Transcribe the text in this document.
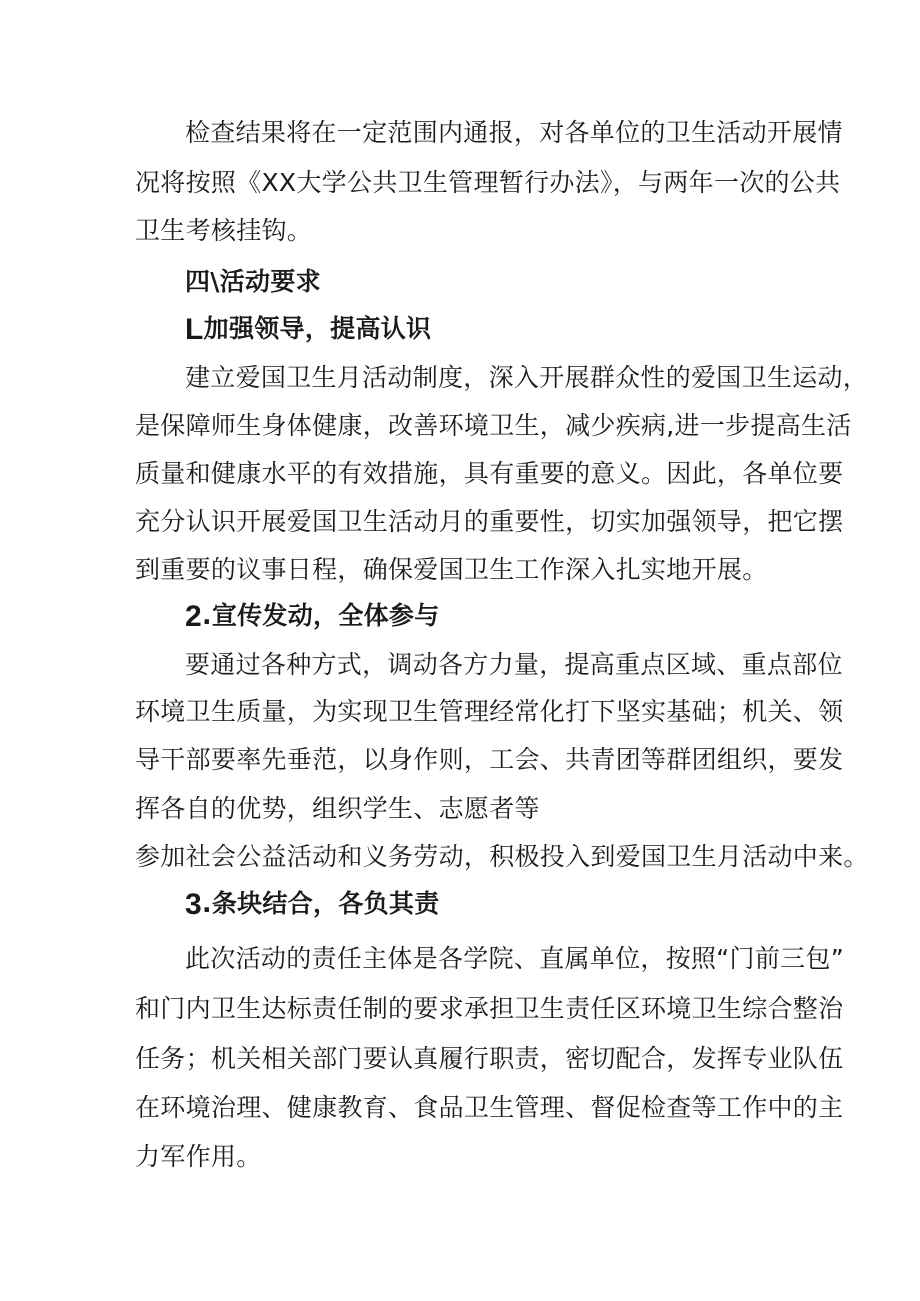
检查结果将在一定范围内通报，对各单位的卫生活动开展情
况将按照《XX大学公共卫生管理暂行办法》，与两年一次的公共
卫生考核挂钩。
四\活动要求
L加强领导，提高认识
建立爱国卫生月活动制度，深入开展群众性的爱国卫生运动，
是保障师生身体健康，改善环境卫生，减少疾病,进一步提高生活
质量和健康水平的有效措施，具有重要的意义。因此，各单位要
充分认识开展爱国卫生活动月的重要性，切实加强领导，把它摆
到重要的议事日程，确保爱国卫生工作深入扎实地开展。
2.宣传发动，全体参与
要通过各种方式，调动各方力量，提高重点区域、重点部位
环境卫生质量，为实现卫生管理经常化打下坚实基础；机关、领
导干部要率先垂范，以身作则，工会、共青团等群团组织，要发
挥各自的优势，组织学生、志愿者等
参加社会公益活动和义务劳动，积极投入到爱国卫生月活动中来。
3.条块结合，各负其责
此次活动的责任主体是各学院、直属单位，按照“门前三包”
和门内卫生达标责任制的要求承担卫生责任区环境卫生综合整治
任务；机关相关部门要认真履行职责，密切配合，发挥专业队伍
在环境治理、健康教育、食品卫生管理、督促检查等工作中的主
力军作用。
